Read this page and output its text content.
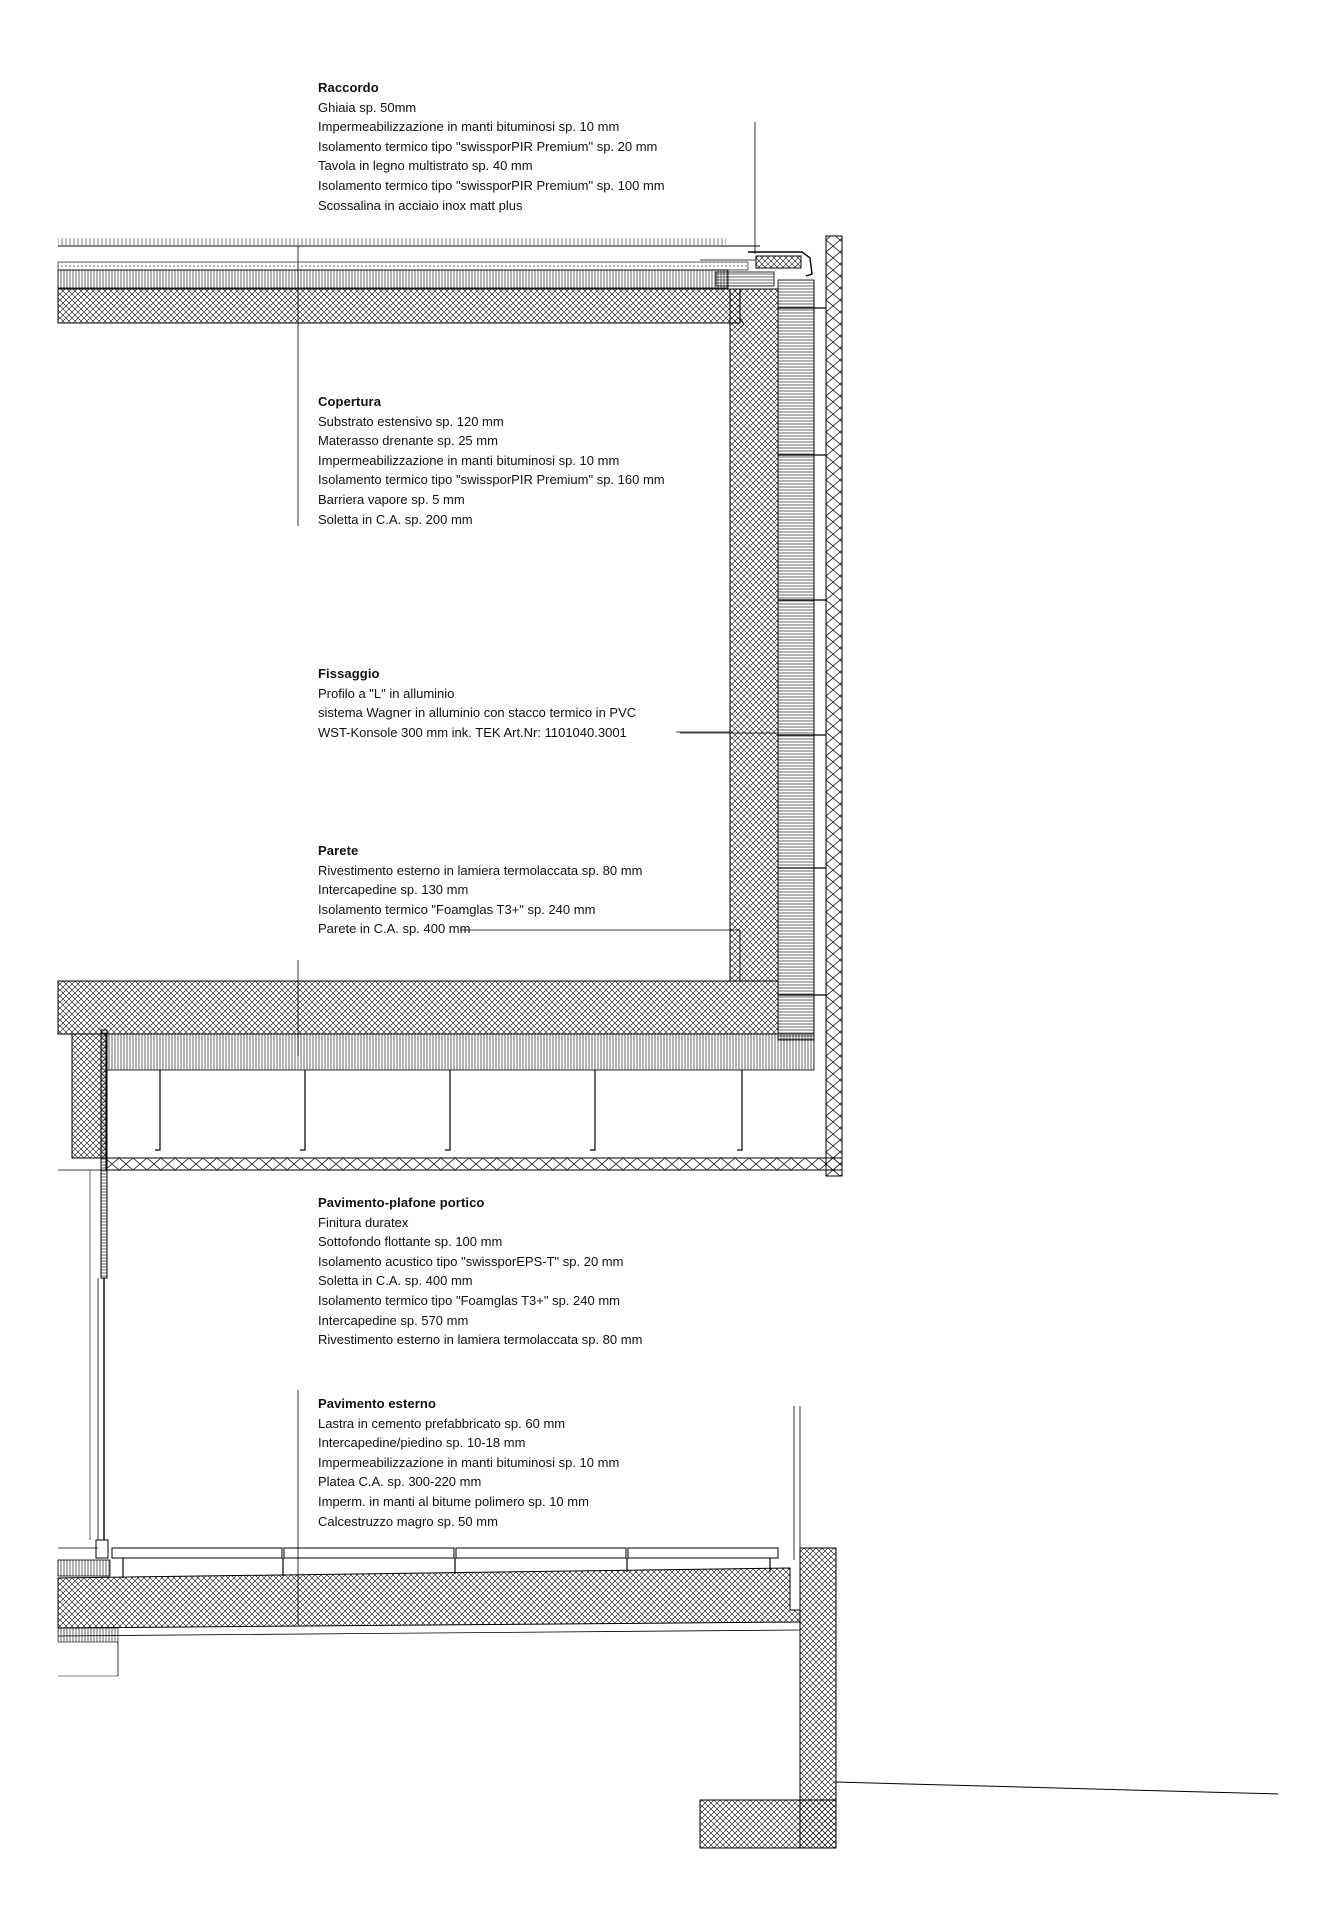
Raccordo
Ghiaia sp. 50mm
Impermeabilizzazione in manti bituminosi sp. 10 mm
Isolamento termico tipo "swissporPIR Premium" sp. 20 mm
Tavola in legno multistrato sp. 40 mm
Isolamento termico tipo "swissporPIR Premium" sp. 100 mm
Scossalina in acciaio inox matt plus
Copertura
Substrato estensivo sp. 120 mm
Materasso drenante sp. 25 mm
Impermeabilizzazione in manti bituminosi sp. 10 mm
Isolamento termico tipo "swissporPIR Premium" sp. 160 mm
Barriera vapore sp. 5 mm
Soletta in C.A. sp. 200 mm
Fissaggio
Profilo a "L" in alluminio
sistema Wagner in alluminio con stacco termico in PVC
WST-Konsole 300 mm ink. TEK Art.Nr: 1101040.3001
Parete
Rivestimento esterno in lamiera termolaccata sp. 80 mm
Intercapedine sp. 130 mm
Isolamento termico "Foamglas T3+" sp. 240 mm
Parete in C.A. sp. 400 mm
Pavimento-plafone portico
Finitura duratex
Sottofondo flottante sp. 100 mm
Isolamento acustico tipo "swissporEPS-T" sp. 20 mm
Soletta in C.A. sp. 400 mm
Isolamento termico tipo "Foamglas T3+" sp. 240 mm
Intercapedine sp. 570 mm
Rivestimento esterno in lamiera termolaccata sp. 80 mm
Pavimento esterno
Lastra in cemento prefabbricato sp. 60 mm
Intercapedine/piedino sp. 10-18 mm
Impermeabilizzazione in manti bituminosi sp. 10 mm
Platea C.A. sp. 300-220 mm
Imperm. in manti al bitume polimero sp. 10 mm
Calcestruzzo magro sp. 50 mm
